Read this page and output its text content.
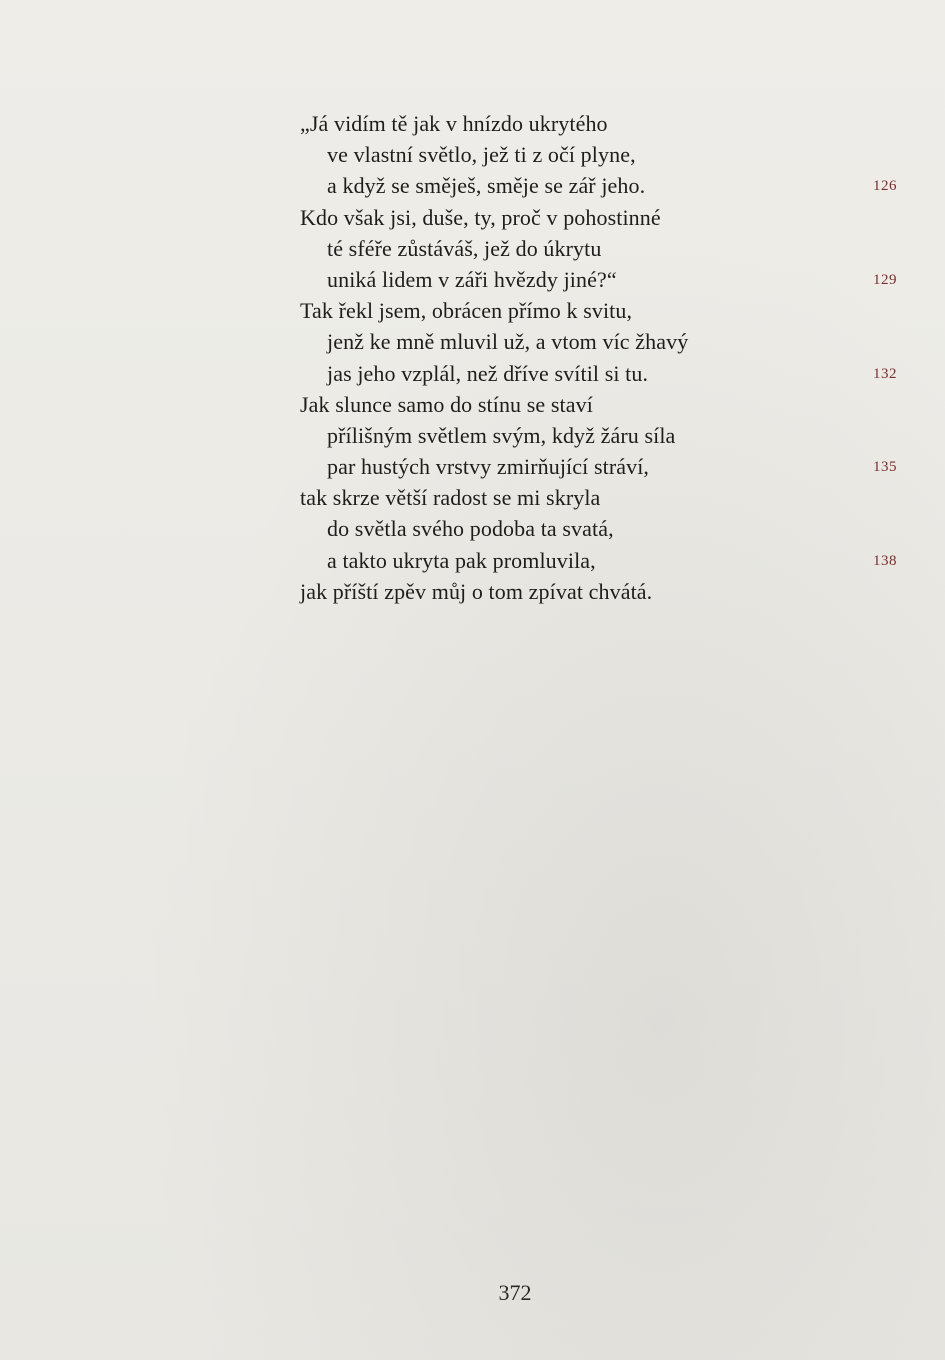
„Já vidím tě jak v hnízdo ukrytého
ve vlastní světlo, jež ti z očí plyne,
a když se směješ, směje se zář jeho.
Kdo však jsi, duše, ty, proč v pohostinné
té sféře zůstáváš, jež do úkrytu
uniká lidem v záři hvězdy jiné?“
Tak řekl jsem, obrácen přímo k svitu,
jenž ke mně mluvil už, a vtom víc žhavý
jas jeho vzplál, než dříve svítil si tu.
Jak slunce samo do stínu se staví
přílišným světlem svým, když žáru síla
par hustých vrstvy zmirňující stráví,
tak skrze větší radost se mi skryla
do světla svého podoba ta svatá,
a takto ukryta pak promluvila,
jak příští zpěv můj o tom zpívat chvátá.
126
129
132
135
138
372
